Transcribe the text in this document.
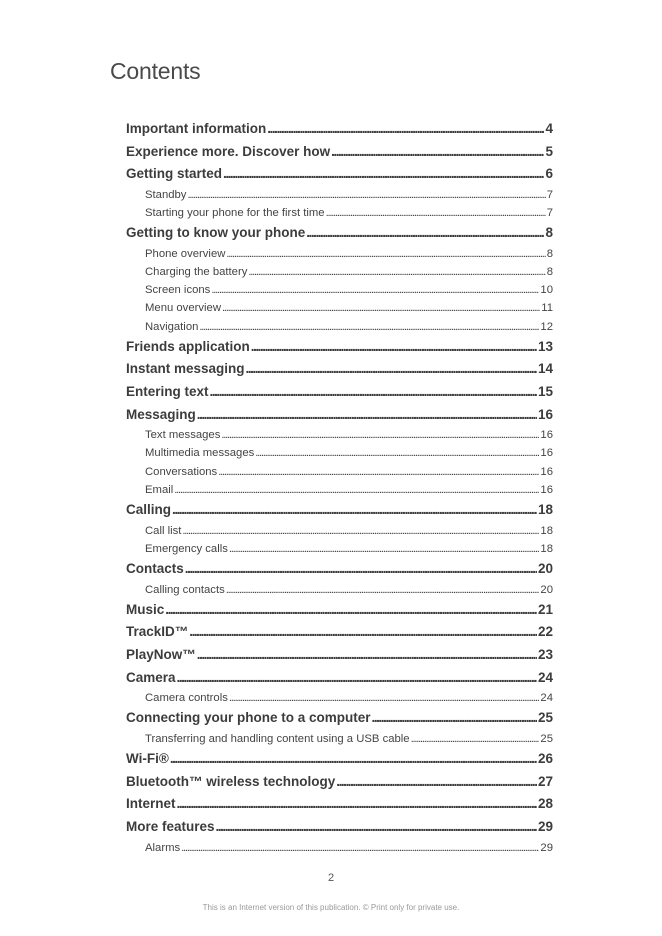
Contents
Important information . . .	4
Experience more. Discover how . . .	5
Getting started . . .	6
Standby . . .	7
Starting your phone for the first time . . .	7
Getting to know your phone . . .	8
Phone overview . . .	8
Charging the battery . . .	8
Screen icons . . .	10
Menu overview . . .	11
Navigation . . .	12
Friends application . . .	13
Instant messaging . . .	14
Entering text . . .	15
Messaging . . .	16
Text messages . . .	16
Multimedia messages . . .	16
Conversations . . .	16
Email . . .	16
Calling . . .	18
Call list . . .	18
Emergency calls . . .	18
Contacts . . .	20
Calling contacts . . .	20
Music . . .	21
TrackID™ . . .	22
PlayNow™ . . .	23
Camera . . .	24
Camera controls . . .	24
Connecting your phone to a computer . . .	25
Transferring and handling content using a USB cable . . .	25
Wi-Fi® . . .	26
Bluetooth™ wireless technology . . .	27
Internet . . .	28
More features . . .	29
Alarms . . .	29
2
This is an Internet version of this publication. © Print only for private use.
